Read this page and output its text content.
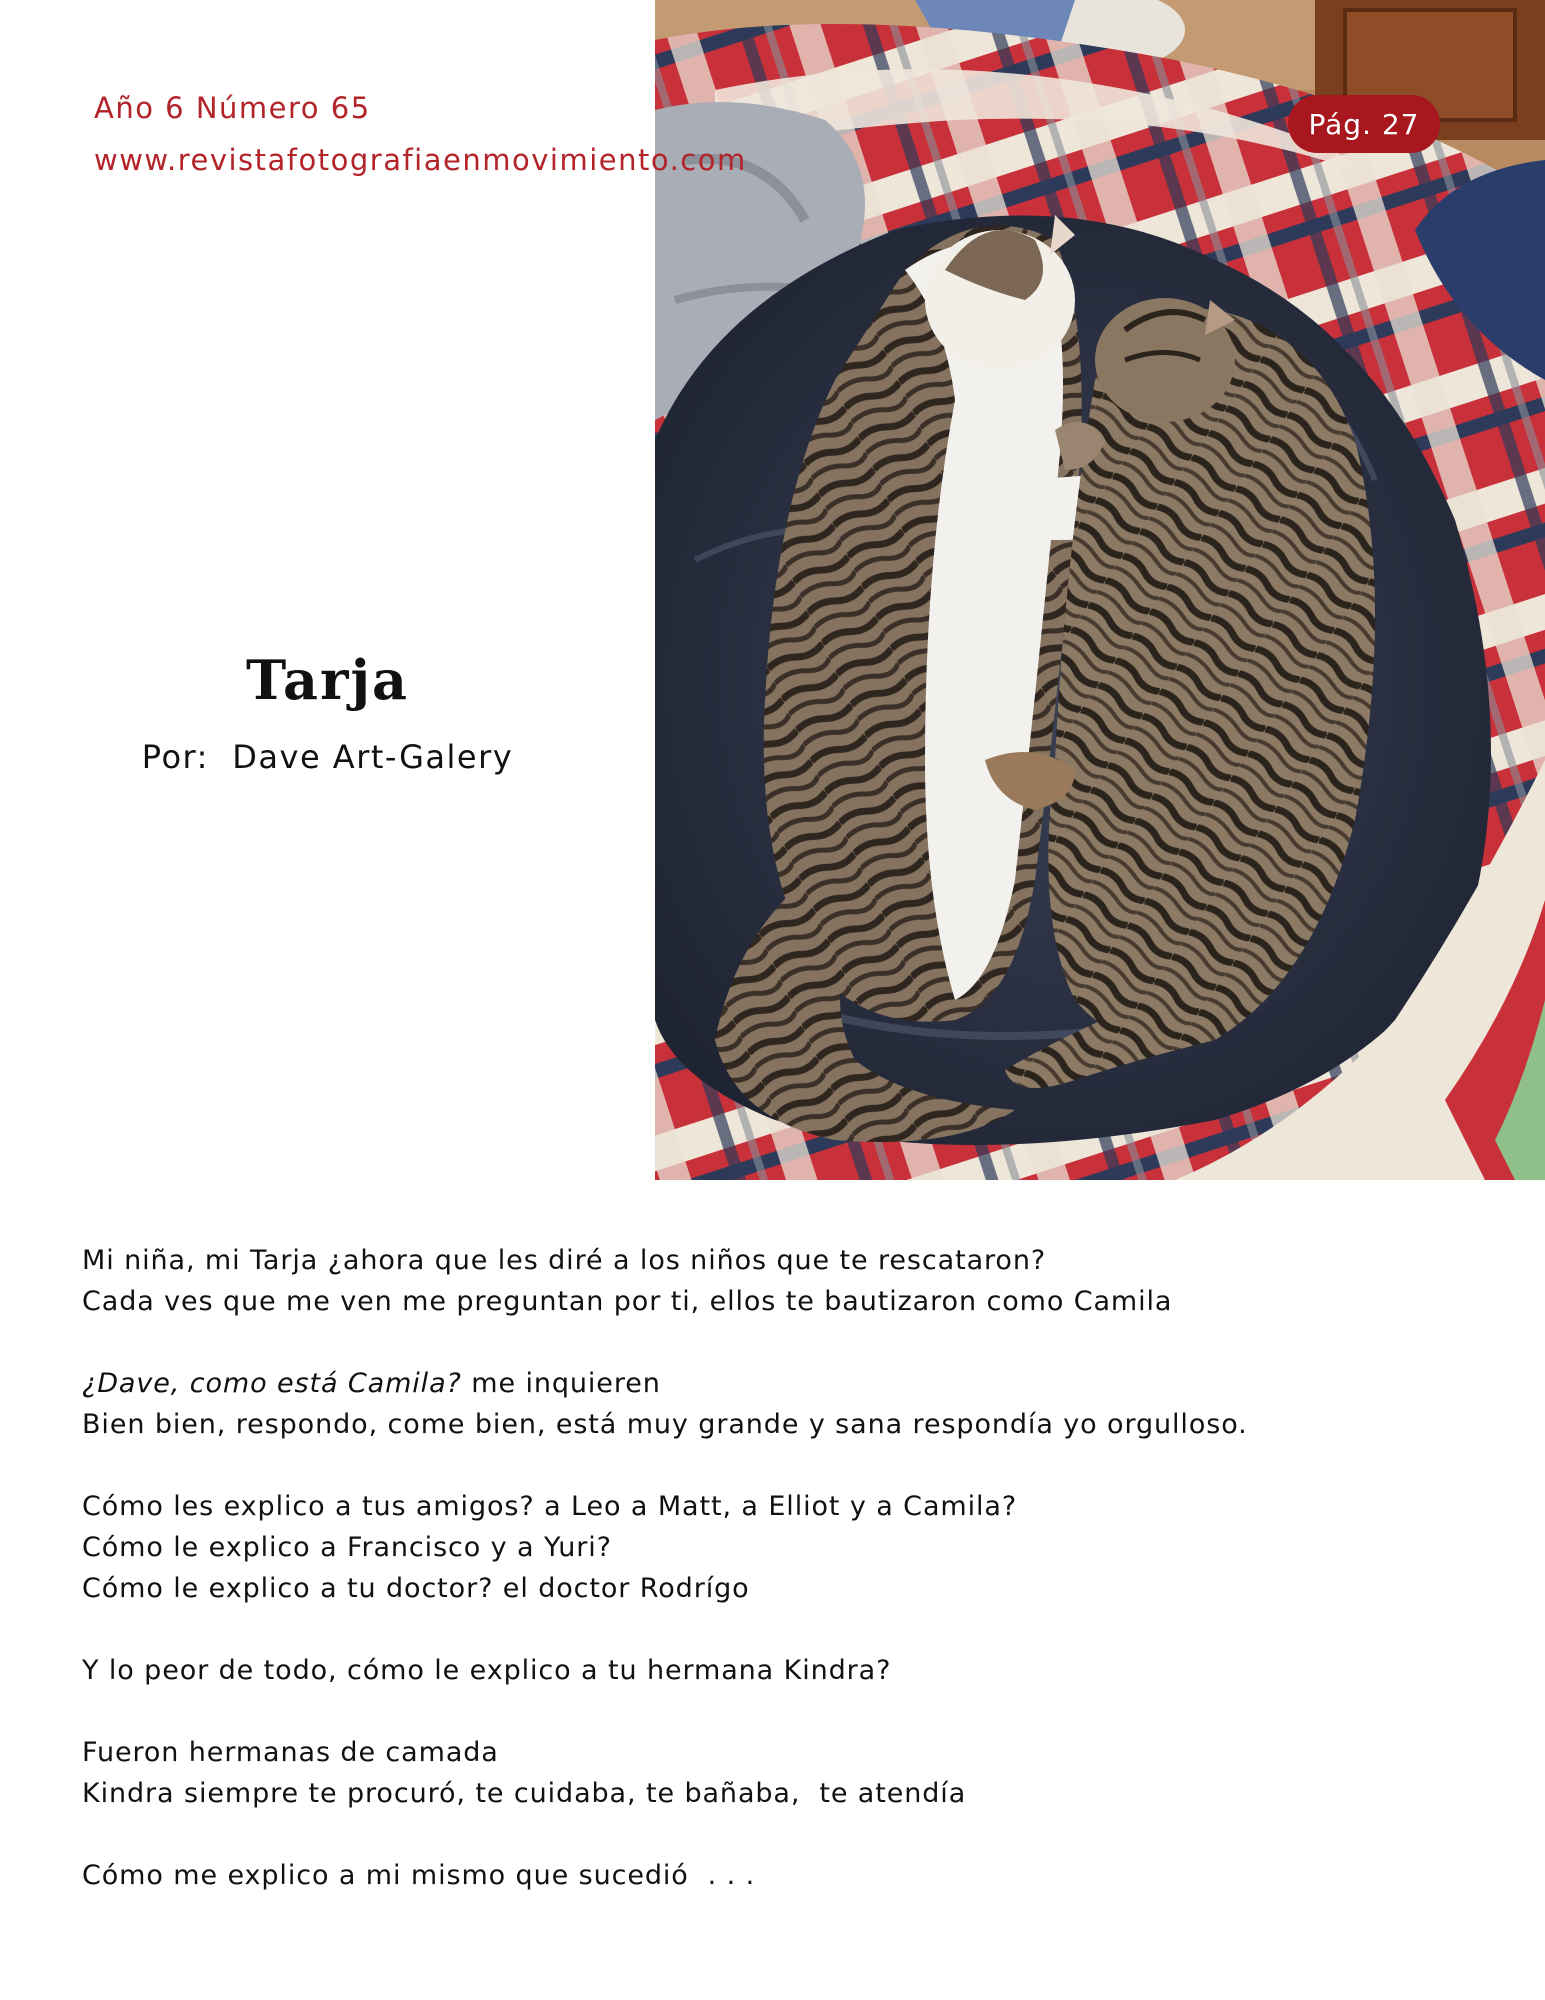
Año 6 Número 65
www.revistafotografiaenmovimiento.com
Pág. 27
Tarja
Por:  Dave Art-Galery
Mi niña, mi Tarja ¿ahora que les diré a los niños que te rescataron?
Cada ves que me ven me preguntan por ti, ellos te bautizaron como Camila
¿Dave, como está Camila? me inquieren
Bien bien, respondo, come bien, está muy grande y sana respondía yo orgulloso.
Cómo les explico a tus amigos? a Leo a Matt, a Elliot y a Camila?
Cómo le explico a Francisco y a Yuri?
Cómo le explico a tu doctor? el doctor Rodrígo
Y lo peor de todo, cómo le explico a tu hermana Kindra?
Fueron hermanas de camada
Kindra siempre te procuró, te cuidaba, te bañaba,  te atendía
Cómo me explico a mi mismo que sucedió  . . .
